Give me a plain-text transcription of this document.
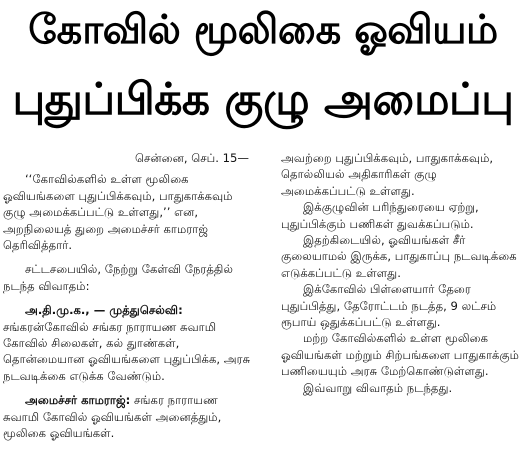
கோவில் மூலிகை ஓவியம்
புதுப்பிக்க குழு அமைப்பு

சென்னை, செப். 15—

‘‘கோவில்களில் உள்ள மூலிகை ஓவியங்களை புதுப்பிக்கவும், பாதுகாக்கவும் குழு அமைக்கப்பட்டு உள்ளது,’’ என, அறநிலையத் துறை அமைச்சர் காமராஜ் தெரிவித்தார்.

சட்டசபையில், நேற்று கேள்வி நேரத்தில் நடந்த விவாதம்:

அ.தி.மு.க., — முத்துசெல்வி: சங்கரன்கோவில் சங்கர நாராயண சுவாமி கோவில் சிலைகள், கல் துாண்கள், தொன்மையான ஓவியங்களை புதுப்பிக்க, அரசு நடவடிக்கை எடுக்க வேண்டும்.

அமைச்சர் காமராஜ்: சங்கர நாராயண சுவாமி கோவில் ஓவியங்கள் அனைத்தும், மூலிகை ஓவியங்கள்.

அவற்றை புதுப்பிக்கவும், பாதுகாக்கவும், தொல்லியல் அதிகாரிகள் குழு அமைக்கப்பட்டு உள்ளது.

இக்குழுவின் பரிந்துரையை ஏற்று, புதுப்பிக்கும் பணிகள் துவக்கப்படும்.

இதற்கிடையில், ஓவியங்கள் சீர் குலையாமல் இருக்க, பாதுகாப்பு நடவடிக்கை எடுக்கப்பட்டு உள்ளது.

இக்கோவில் பிள்ளையார் தேரை புதுப்பித்து, தேரோட்டம் நடத்த, 9 லட்சம் ரூபாய் ஒதுக்கப்பட்டு உள்ளது.

மற்ற கோவில்களில் உள்ள மூலிகை ஓவியங்கள் மற்றும் சிற்பங்களை பாதுகாக்கும் பணியையும் அரசு மேற்கொண்டுள்ளது.

இவ்வாறு விவாதம் நடந்தது.
